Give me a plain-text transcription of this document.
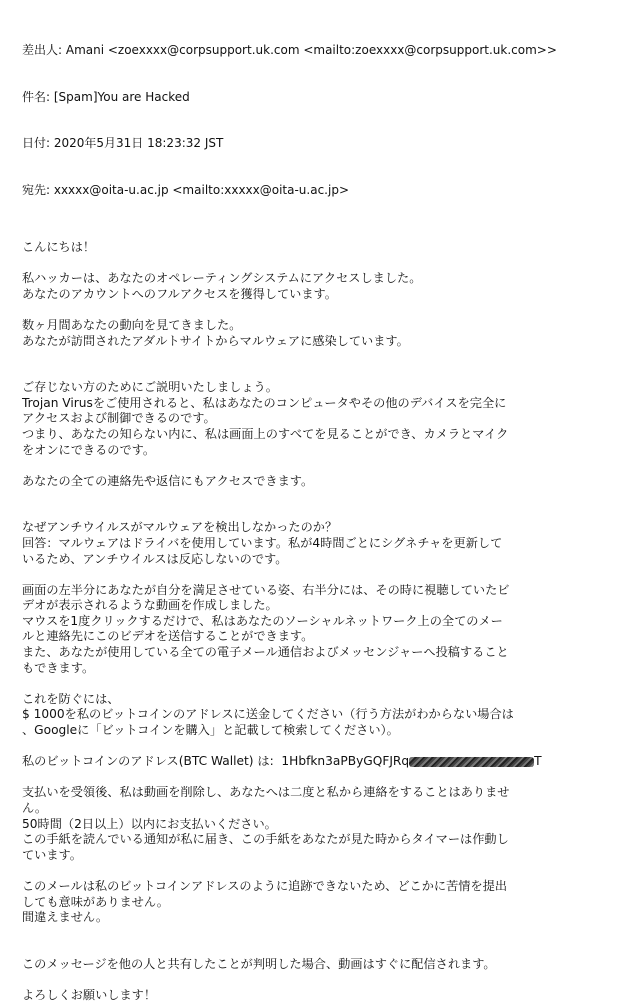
差出人: Amani <zoexxxx@corpsupport.uk.com <mailto:zoexxxx@corpsupport.uk.com>>

件名: [Spam]You are Hacked

日付: 2020年5月31日 18:23:32 JST

宛先: xxxxx@oita-u.ac.jp <mailto:xxxxx@oita-u.ac.jp>

こんにちは！
私ハッカーは、あなたのオペレーティングシステムにアクセスしました。
あなたのアカウントへのフルアクセスを獲得しています。
数ヶ月間あなたの動向を見てきました。
あなたが訪問されたアダルトサイトからマルウェアに感染しています。
ご存じない方のためにご説明いたしましょう。
Trojan Virusをご使用されると、私はあなたのコンピュータやその他のデバイスを完全に
アクセスおよび制御できるのです。
つまり、あなたの知らない内に、私は画面上のすべてを見ることができ、カメラとマイク
をオンにできるのです。
あなたの全ての連絡先や返信にもアクセスできます。
なぜアンチウイルスがマルウェアを検出しなかったのか？
回答：マルウェアはドライバを使用しています。私が4時間ごとにシグネチャを更新して
いるため、アンチウイルスは反応しないのです。
画面の左半分にあなたが自分を満足させている姿、右半分には、その時に視聴していたビ
デオが表示されるような動画を作成しました。
マウスを1度クリックするだけで、私はあなたのソーシャルネットワーク上の全てのメー
ルと連絡先にこのビデオを送信することができます。
また、あなたが使用している全ての電子メール通信およびメッセンジャーへ投稿すること
もできます。
これを防ぐには、
$ 1000を私のビットコインのアドレスに送金してください（行う方法がわからない場合は
、Googleに「ビットコインを購入」と記載して検索してください）。
私のビットコインのアドレス(BTC Wallet) は: 1Hbfkn3aPByGQFJRq	T
支払いを受領後、私は動画を削除し、あなたへは二度と私から連絡をすることはありませ
ん。
50時間（2日以上）以内にお支払いください。
この手紙を読んでいる通知が私に届き、この手紙をあなたが見た時からタイマーは作動し
ています。
このメールは私のビットコインアドレスのように追跡できないため、どこかに苦情を提出
しても意味がありません。
間違えません。
このメッセージを他の人と共有したことが判明した場合、動画はすぐに配信されます。
よろしくお願いします！
